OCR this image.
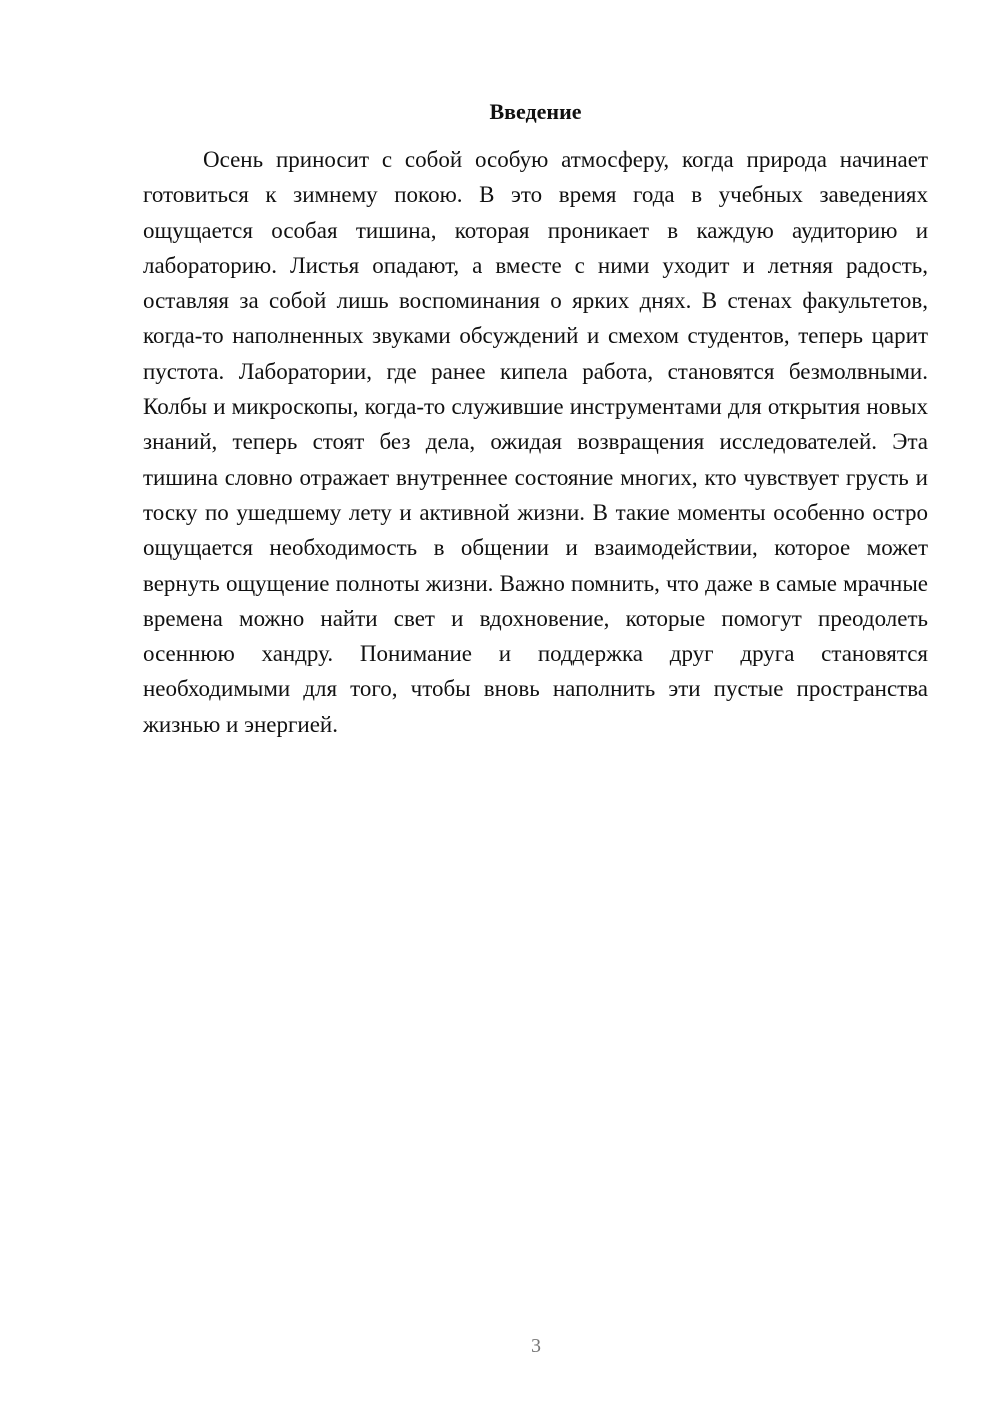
Введение

Осень приносит с собой особую атмосферу, когда природа начинает готовиться к зимнему покою. В это время года в учебных заведениях ощущается особая тишина, которая проникает в каждую аудиторию и лабораторию. Листья опадают, а вместе с ними уходит и летняя радость, оставляя за собой лишь воспоминания о ярких днях. В стенах факультетов, когда-то наполненных звуками обсуждений и смехом студентов, теперь царит пустота. Лаборатории, где ранее кипела работа, становятся безмолвными. Колбы и микроскопы, когда-то служившие инструментами для открытия новых знаний, теперь стоят без дела, ожидая возвращения исследователей. Эта тишина словно отражает внутреннее состояние многих, кто чувствует грусть и тоску по ушедшему лету и активной жизни. В такие моменты особенно остро ощущается необходимость в общении и взаимодействии, которое может вернуть ощущение полноты жизни. Важно помнить, что даже в самые мрачные времена можно найти свет и вдохновение, которые помогут преодолеть осеннюю хандру. Понимание и поддержка друг друга становятся необходимыми для того, чтобы вновь наполнить эти пустые пространства жизнью и энергией.

3
